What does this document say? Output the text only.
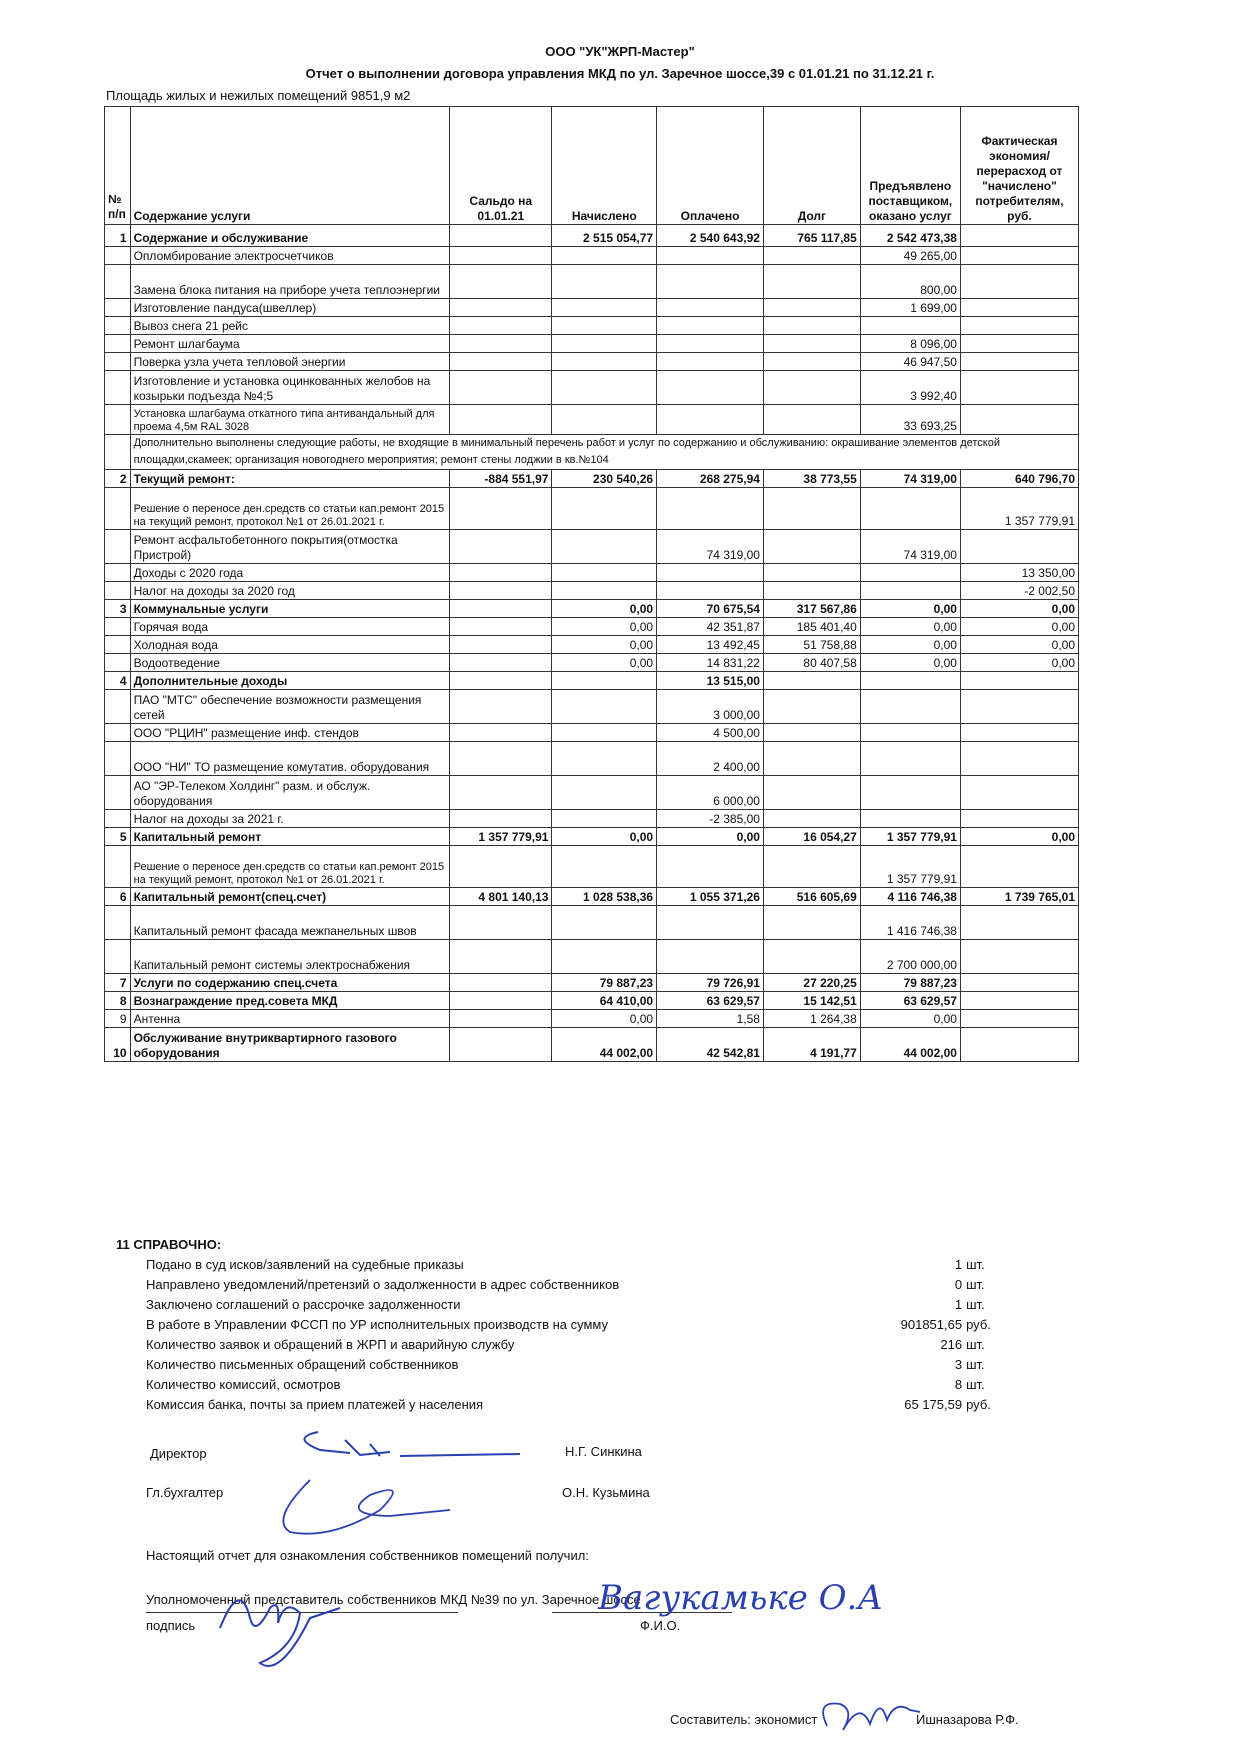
ООО "УК"ЖРП-Мастер"
Отчет о выполнении договора управления МКД по ул. Заречное шоссе,39 с 01.01.21 по 31.12.21 г.
Площадь жилых и нежилых помещений 9851,9 м2
№ п/п	Содержание услуги	Сальдо на 01.01.21	Начислено	Оплачено	Долг	Предъявлено поставщиком, оказано услуг	Фактическая экономия/перерасход от "начислено" потребителям, руб.
1	Содержание и обслуживание		2 515 054,77	2 540 643,92	765 117,85	2 542 473,38	
	Опломбирование электросчетчиков					49 265,00	
	Замена блока питания на приборе учета теплоэнергии					800,00	
	Изготовление пандуса(швеллер)					1 699,00	
	Вывоз снега 21 рейс						
	Ремонт шлагбаума					8 096,00	
	Поверка узла учета тепловой энергии					46 947,50	
	Изготовление и установка оцинкованных желобов на козырьки подъезда №4;5					3 992,40	
	Установка шлагбаума откатного типа антивандальный для проема 4,5м RAL 3028					33 693,25	
	Дополнительно выполнены следующие работы, не входящие в минимальный перечень работ и услуг по содержанию и обслуживанию: окрашивание элементов детской площадки,скамеек; организация новогоднего мероприятия; ремонт стены лоджии в кв.№104						
2	Текущий ремонт:	-884 551,97	230 540,26	268 275,94	38 773,55	74 319,00	640 796,70
	Решение о переносе ден.средств со статьи кап.ремонт 2015 на текущий ремонт, протокол №1 от 26.01.2021 г.						1 357 779,91
	Ремонт асфальтобетонного покрытия(отмостка Пристрой)			74 319,00		74 319,00	
	Доходы с 2020 года						13 350,00
	Налог на доходы за 2020 год						-2 002,50
3	Коммунальные услуги		0,00	70 675,54	317 567,86	0,00	0,00
	Горячая вода		0,00	42 351,87	185 401,40	0,00	0,00
	Холодная вода		0,00	13 492,45	51 758,88	0,00	0,00
	Водоотведение		0,00	14 831,22	80 407,58	0,00	0,00
4	Дополнительные доходы			13 515,00			
	ПАО "МТС" обеспечение возможности размещения сетей			3 000,00			
	ООО "РЦИН" размещение инф. стендов			4 500,00			
	ООО "НИ" ТО размещение комутатив. оборудования			2 400,00			
	АО "ЭР-Телеком Холдинг" разм. и обслуж. оборудования			6 000,00			
	Налог на доходы за 2021 г.			-2 385,00			
5	Капитальный ремонт	1 357 779,91	0,00	0,00	16 054,27	1 357 779,91	0,00
	Решение о переносе ден.средств со статьи кап.ремонт 2015 на текущий ремонт, протокол №1 от 26.01.2021 г.					1 357 779,91	
6	Капитальный ремонт(спец.счет)	4 801 140,13	1 028 538,36	1 055 371,26	516 605,69	4 116 746,38	1 739 765,01
	Капитальный ремонт фасада межпанельных швов					1 416 746,38	
	Капитальный ремонт системы электроснабжения					2 700 000,00	
7	Услуги по содержанию спец.счета		79 887,23	79 726,91	27 220,25	79 887,23	
8	Вознаграждение пред.совета МКД		64 410,00	63 629,57	15 142,51	63 629,57	
9	Антенна		0,00	1,58	1 264,38	0,00	
10	Обслуживание внутриквартирного газового оборудования		44 002,00	42 542,81	4 191,77	44 002,00	
11 СПРАВОЧНО:
Подано в суд исков/заявлений на судебные приказы	1 шт.
Направлено уведомлений/претензий о задолженности в адрес собственников	0 шт.
Заключено соглашений о рассрочке задолженности	1 шт.
В работе в Управлении ФССП по УР исполнительных производств на сумму	901851,65 руб.
Количество заявок и обращений в ЖРП и аварийную службу	216 шт.
Количество письменных обращений собственников	3 шт.
Количество комиссий, осмотров	8 шт.
Комиссия банка, почты за прием платежей у населения	65 175,59 руб.
Директор	Н.Г. Синкина
Гл.бухгалтер	О.Н. Кузьмина
Настоящий отчет для ознакомления собственников помещений получил:
Уполномоченный представитель собственников МКД №39 по ул. Заречное шоссе
подпись	Ф.И.О.
Вагукамьке О.А
Составитель: экономист	Ишназарова Р.Ф.
